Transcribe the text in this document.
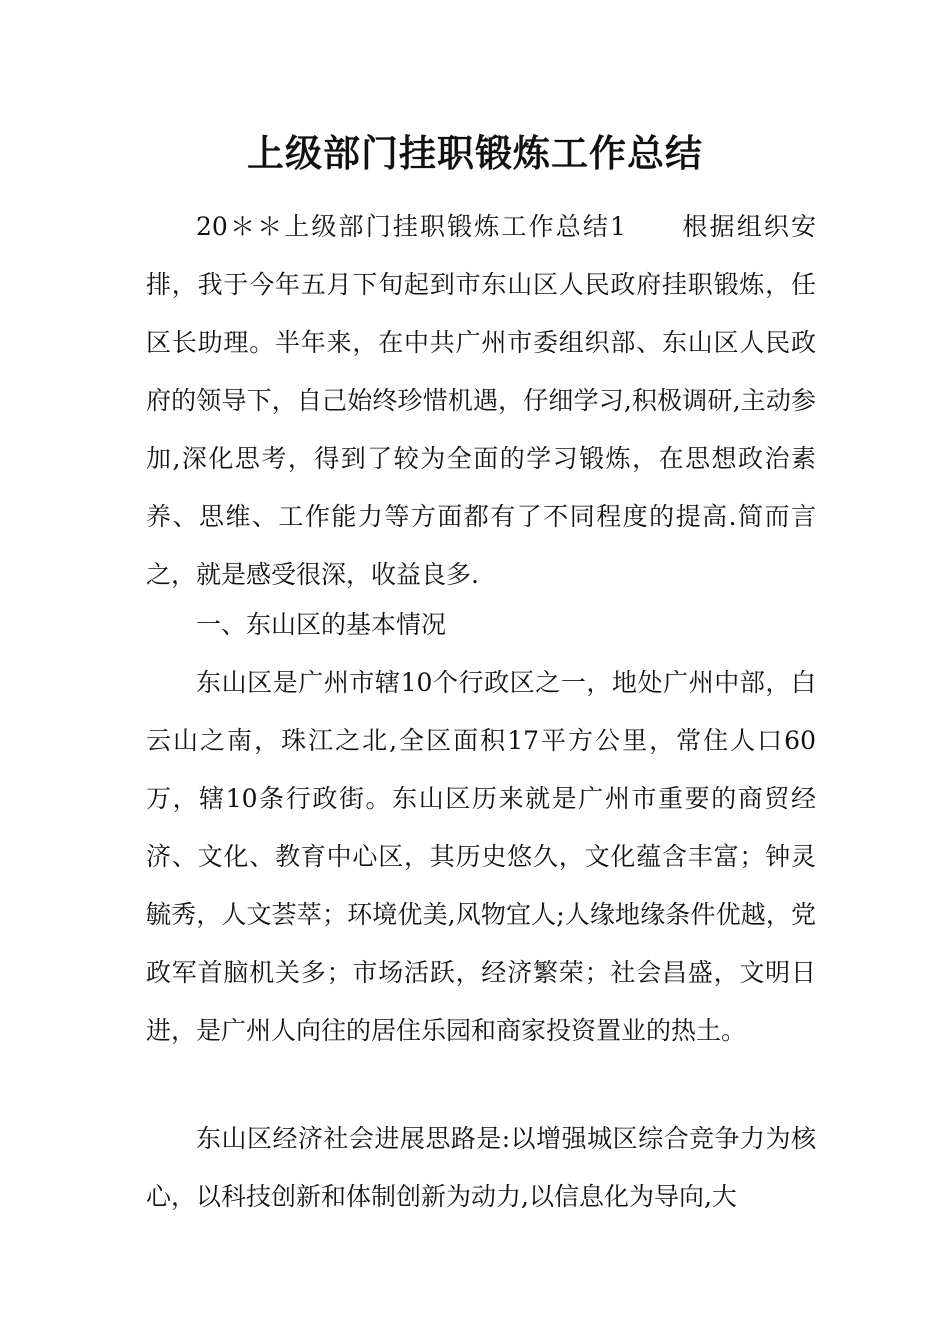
上级部门挂职锻炼工作总结

20＊＊上级部门挂职锻炼工作总结1　　根据组织安排，我于今年五月下旬起到市东山区人民政府挂职锻炼，任区长助理。半年来，在中共广州市委组织部、东山区人民政府的领导下，自己始终珍惜机遇，仔细学习,积极调研,主动参加,深化思考，得到了较为全面的学习锻炼，在思想政治素养、思维、工作能力等方面都有了不同程度的提高.简而言之，就是感受很深，收益良多.

一、东山区的基本情况

东山区是广州市辖10个行政区之一，地处广州中部，白云山之南，珠江之北,全区面积17平方公里，常住人口60万，辖10条行政街。东山区历来就是广州市重要的商贸经济、文化、教育中心区，其历史悠久，文化蕴含丰富；钟灵毓秀，人文荟萃；环境优美,风物宜人;人缘地缘条件优越，党政军首脑机关多；市场活跃，经济繁荣；社会昌盛，文明日进，是广州人向往的居住乐园和商家投资置业的热土。

东山区经济社会进展思路是:以增强城区综合竞争力为核心，以科技创新和体制创新为动力,以信息化为导向,大
